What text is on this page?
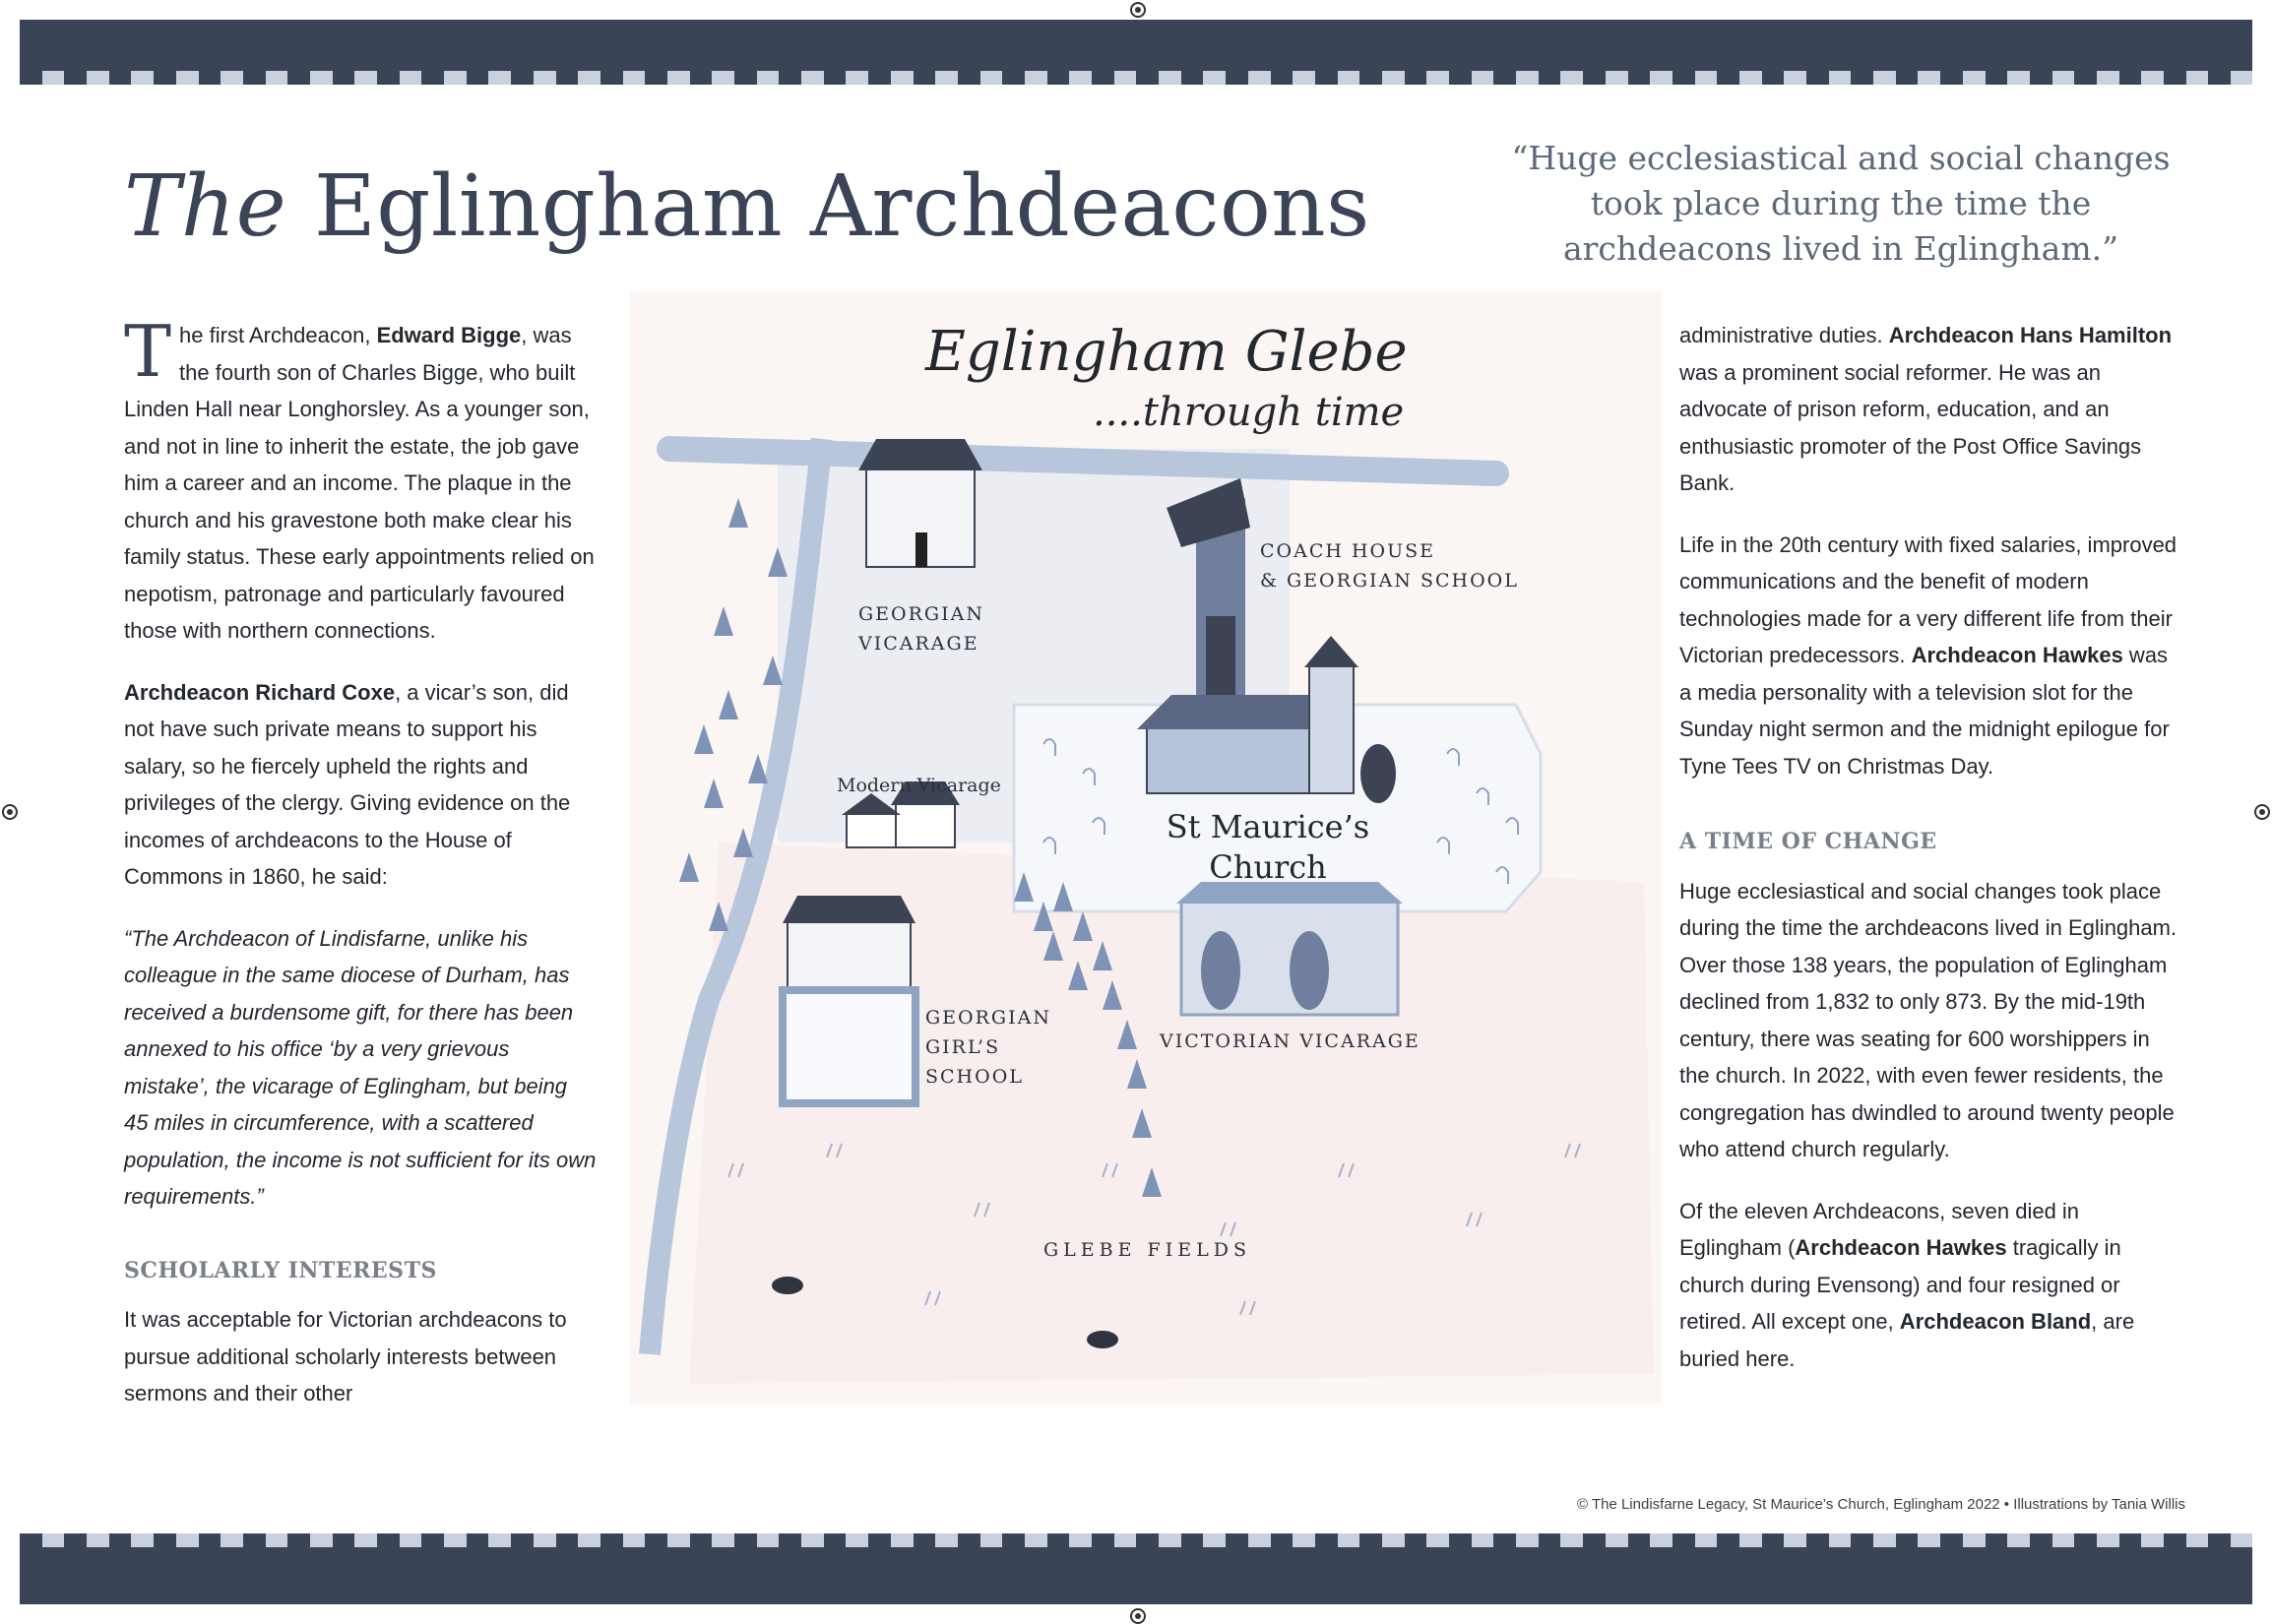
The Eglingham Archdeacons	“Huge ecclesiastical and social changes took place during the time the archdeacons lived in Eglingham.”

The first Archdeacon, Edward Bigge, was the fourth son of Charles Bigge, who built Linden Hall near Longhorsley. As a younger son, and not in line to inherit the estate, the job gave him a career and an income. The plaque in the church and his gravestone both make clear his family status. These early appointments relied on nepotism, patronage and particularly favoured those with northern connections.

Archdeacon Richard Coxe, a vicar’s son, did not have such private means to support his salary, so he fiercely upheld the rights and privileges of the clergy. Giving evidence on the incomes of archdeacons to the House of Commons in 1860, he said:

“The Archdeacon of Lindisfarne, unlike his colleague in the same diocese of Durham, has received a burdensome gift, for there has been annexed to his office ‘by a very grievous mistake’, the vicarage of Eglingham, but being 45 miles in circumference, with a scattered population, the income is not sufficient for its own requirements.”

SCHOLARLY INTERESTS

It was acceptable for Victorian archdeacons to pursue additional scholarly interests between sermons and their other

Eglingham Glebe
....through time
COACH HOUSE
& GEORGIAN SCHOOL
GEORGIAN
VICARAGE
Modern Vicarage
St Maurice’s
Church
GEORGIAN
GIRL’S
SCHOOL
VICTORIAN VICARAGE
GLEBE FIELDS

administrative duties. Archdeacon Hans Hamilton was a prominent social reformer. He was an advocate of prison reform, education, and an enthusiastic promoter of the Post Office Savings Bank.

Life in the 20th century with fixed salaries, improved communications and the benefit of modern technologies made for a very different life from their Victorian predecessors. Archdeacon Hawkes was a media personality with a television slot for the Sunday night sermon and the midnight epilogue for Tyne Tees TV on Christmas Day.

A TIME OF CHANGE

Huge ecclesiastical and social changes took place during the time the archdeacons lived in Eglingham. Over those 138 years, the population of Eglingham declined from 1,832 to only 873. By the mid-19th century, there was seating for 600 worshippers in the church. In 2022, with even fewer residents, the congregation has dwindled to around twenty people who attend church regularly.

Of the eleven Archdeacons, seven died in Eglingham (Archdeacon Hawkes tragically in church during Evensong) and four resigned or retired. All except one, Archdeacon Bland, are buried here.

© The Lindisfarne Legacy, St Maurice’s Church, Eglingham 2022 • Illustrations by Tania Willis
